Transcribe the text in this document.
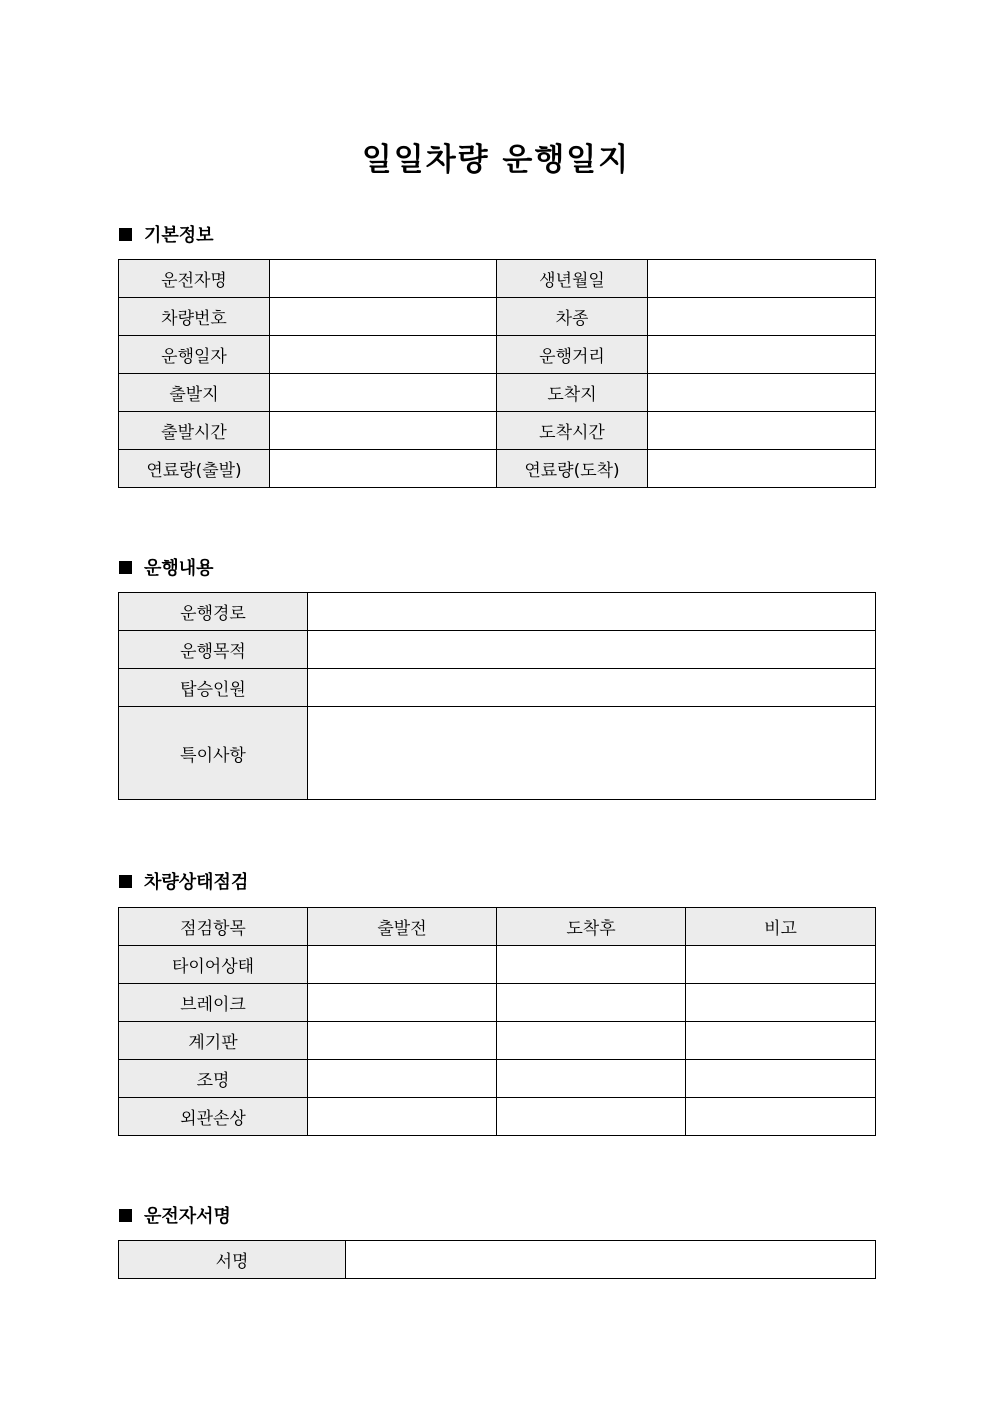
일일차량 운행일지
기본정보
운전자명		생년월일	
차량번호		차종	
운행일자		운행거리	
출발지		도착지	
출발시간		도착시간	
연료량(출발)		연료량(도착)	
운행내용
운행경로	
운행목적	
탑승인원	
특이사항	
차량상태점검
점검항목	출발전	도착후	비고
타이어상태			
브레이크			
계기판			
조명			
외관손상			
운전자서명
서명	
